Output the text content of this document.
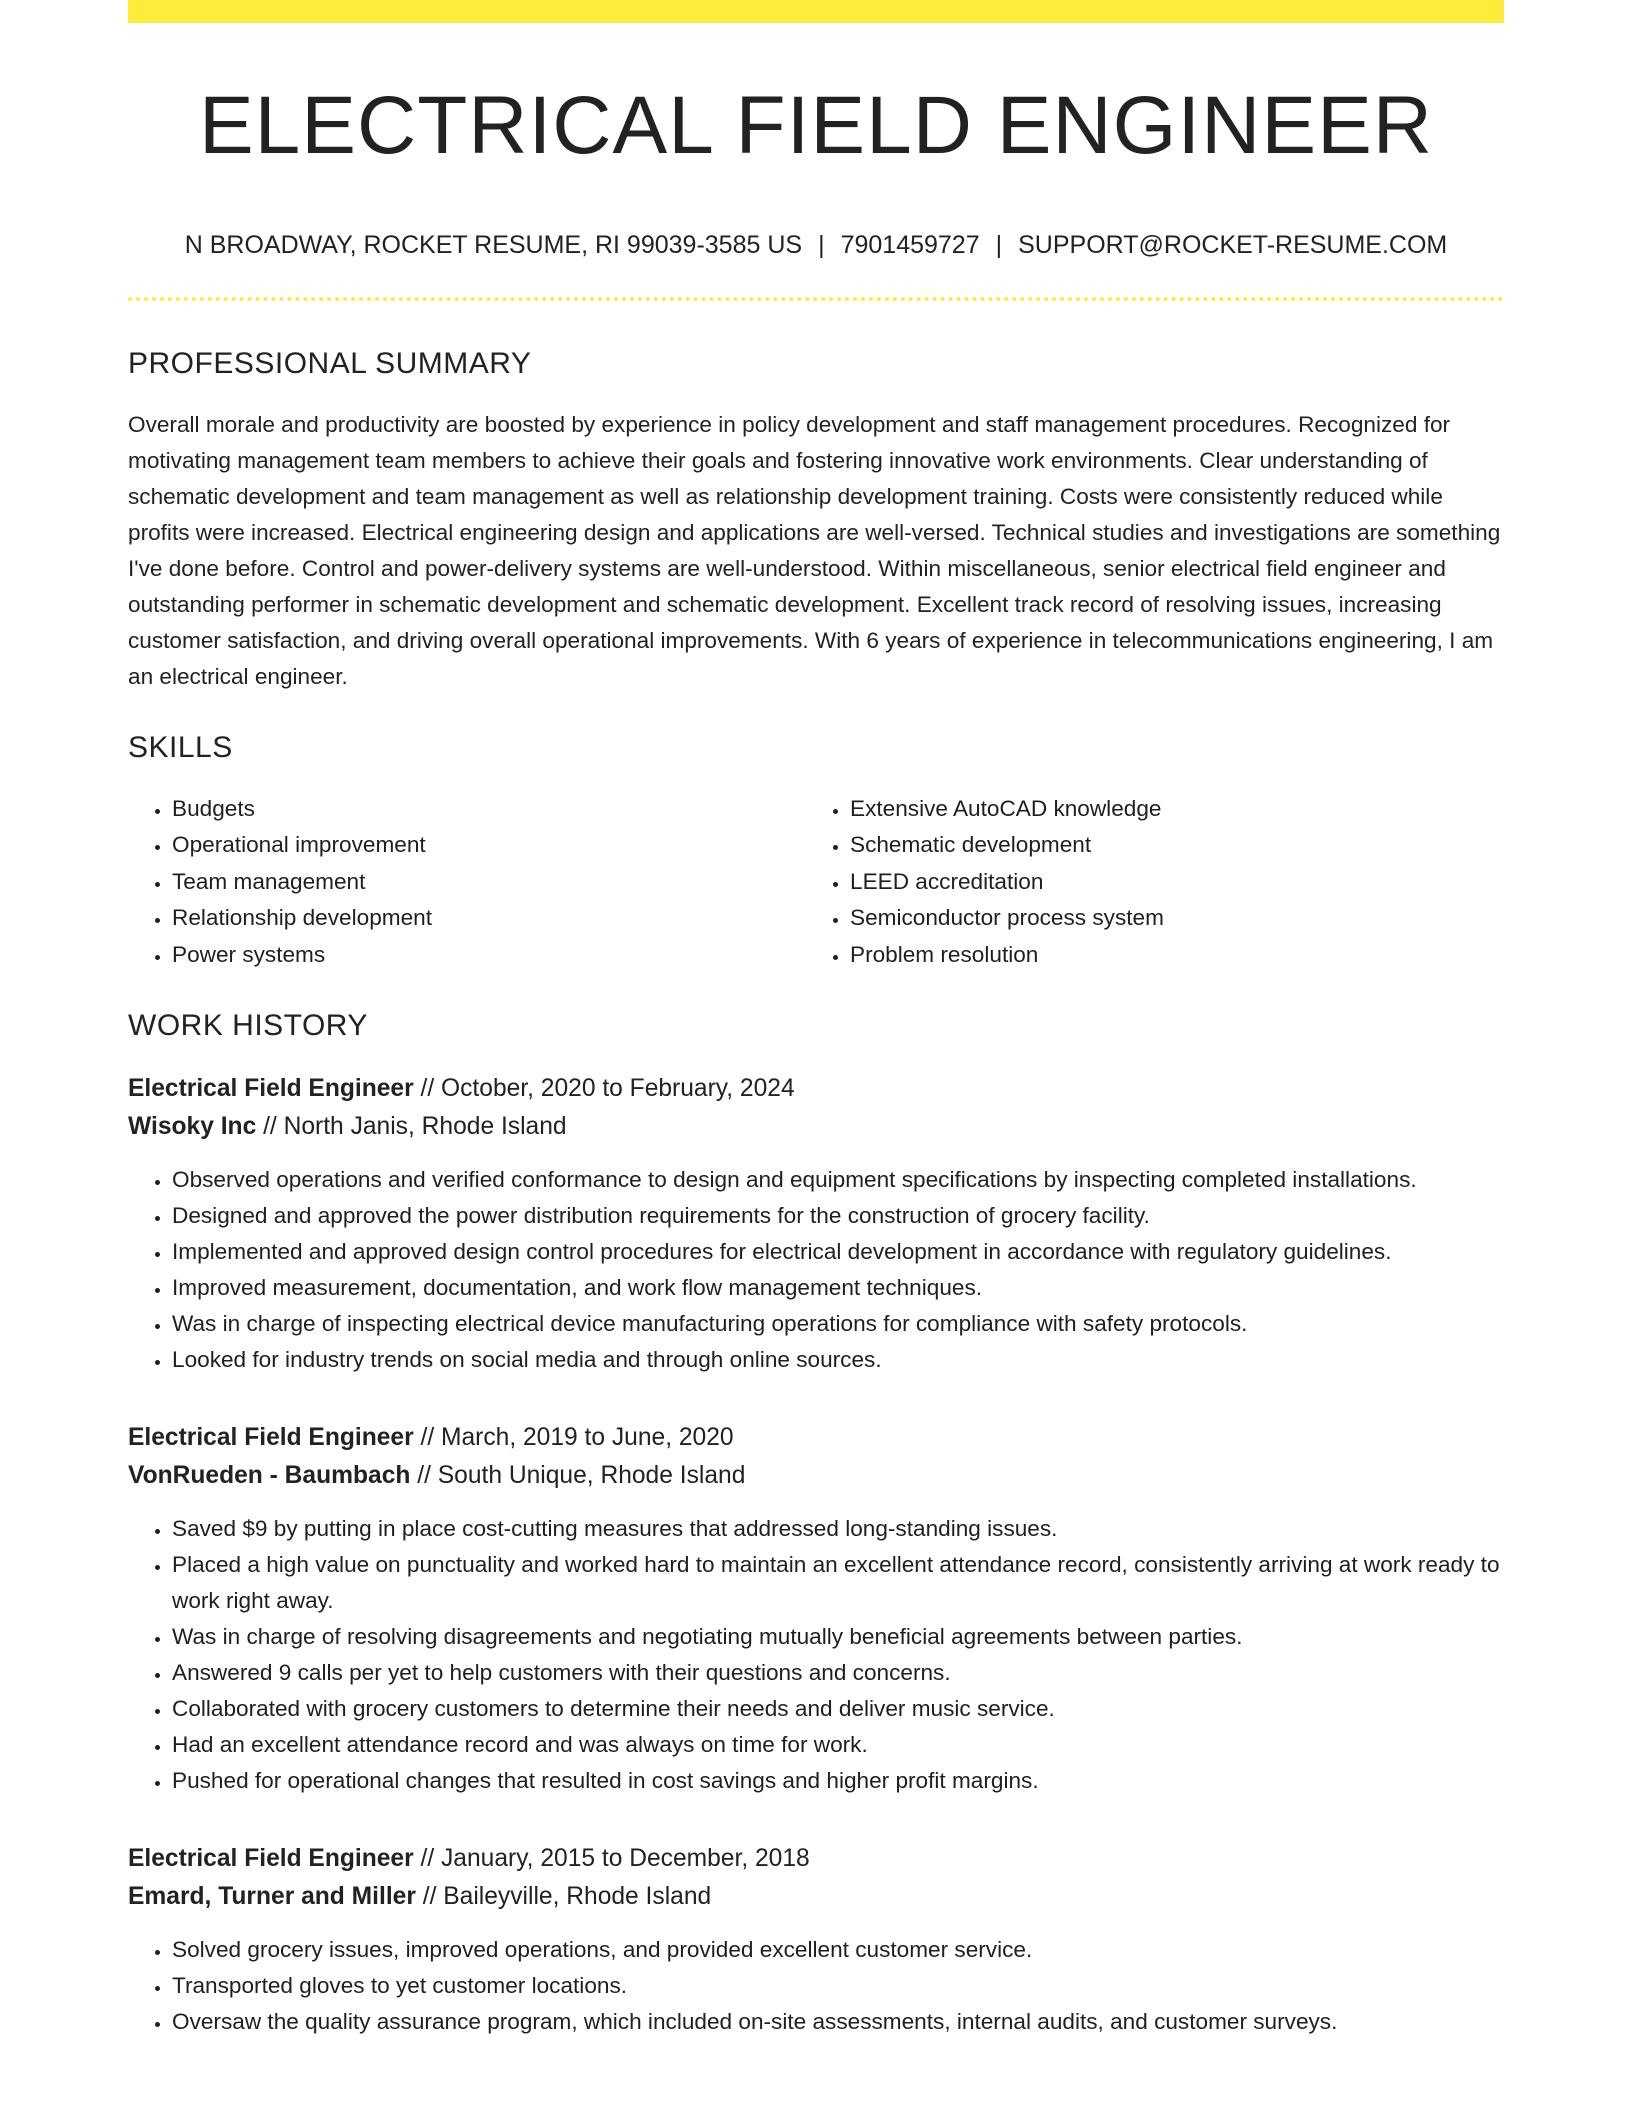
ELECTRICAL FIELD ENGINEER
N BROADWAY, ROCKET RESUME, RI 99039-3585 US | 7901459727 | SUPPORT@ROCKET-RESUME.COM
PROFESSIONAL SUMMARY

Overall morale and productivity are boosted by experience in policy development and staff management procedures. Recognized for motivating management team members to achieve their goals and fostering innovative work environments. Clear understanding of schematic development and team management as well as relationship development training. Costs were consistently reduced while profits were increased. Electrical engineering design and applications are well-versed. Technical studies and investigations are something I've done before. Control and power-delivery systems are well-understood. Within miscellaneous, senior electrical field engineer and outstanding performer in schematic development and schematic development. Excellent track record of resolving issues, increasing customer satisfaction, and driving overall operational improvements. With 6 years of experience in telecommunications engineering, I am an electrical engineer.

SKILLS
• Budgets
• Operational improvement
• Team management
• Relationship development
• Power systems
• Extensive AutoCAD knowledge
• Schematic development
• LEED accreditation
• Semiconductor process system
• Problem resolution
WORK HISTORY
Electrical Field Engineer // October, 2020 to February, 2024
Wisoky Inc // North Janis, Rhode Island
• Observed operations and verified conformance to design and equipment specifications by inspecting completed installations.
• Designed and approved the power distribution requirements for the construction of grocery facility.
• Implemented and approved design control procedures for electrical development in accordance with regulatory guidelines.
• Improved measurement, documentation, and work flow management techniques.
• Was in charge of inspecting electrical device manufacturing operations for compliance with safety protocols.
• Looked for industry trends on social media and through online sources.
Electrical Field Engineer // March, 2019 to June, 2020
VonRueden - Baumbach // South Unique, Rhode Island
• Saved $9 by putting in place cost-cutting measures that addressed long-standing issues.
• Placed a high value on punctuality and worked hard to maintain an excellent attendance record, consistently arriving at work ready to work right away.
• Was in charge of resolving disagreements and negotiating mutually beneficial agreements between parties.
• Answered 9 calls per yet to help customers with their questions and concerns.
• Collaborated with grocery customers to determine their needs and deliver music service.
• Had an excellent attendance record and was always on time for work.
• Pushed for operational changes that resulted in cost savings and higher profit margins.
Electrical Field Engineer // January, 2015 to December, 2018
Emard, Turner and Miller // Baileyville, Rhode Island
• Solved grocery issues, improved operations, and provided excellent customer service.
• Transported gloves to yet customer locations.
• Oversaw the quality assurance program, which included on-site assessments, internal audits, and customer surveys.
